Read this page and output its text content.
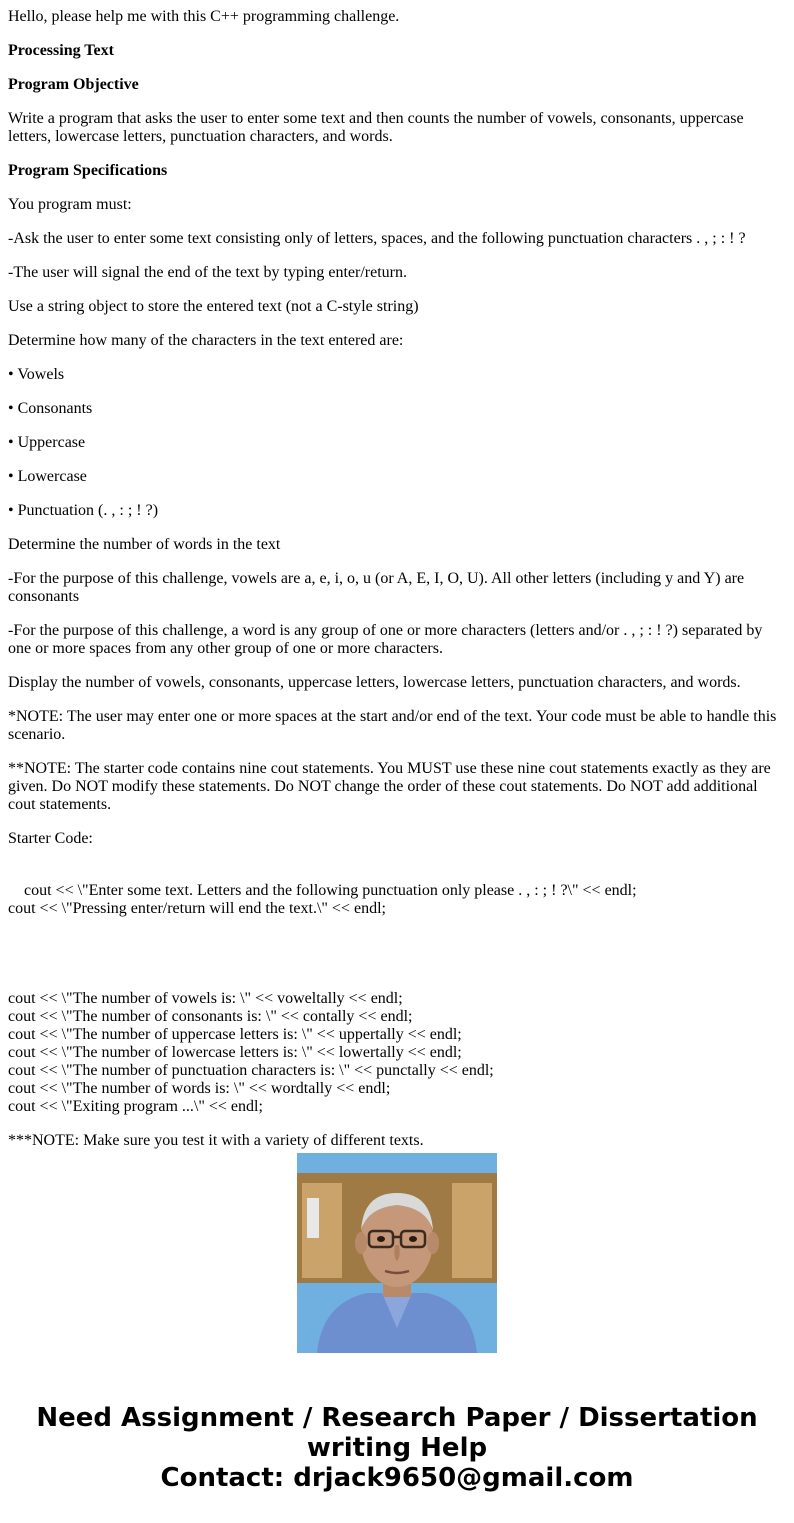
Hello, please help me with this C++ programming challenge.

Processing Text

Program Objective

Write a program that asks the user to enter some text and then counts the number of vowels, consonants, uppercase letters, lowercase letters, punctuation characters, and words.

Program Specifications

You program must:

-Ask the user to enter some text consisting only of letters, spaces, and the following punctuation characters . , ; : ! ?

-The user will signal the end of the text by typing enter/return.

Use a string object to store the entered text (not a C-style string)

Determine how many of the characters in the text entered are:

• Vowels

• Consonants

• Uppercase

• Lowercase

• Punctuation (. , : ; ! ?)

Determine the number of words in the text

-For the purpose of this challenge, vowels are a, e, i, o, u (or A, E, I, O, U). All other letters (including y and Y) are consonants

-For the purpose of this challenge, a word is any group of one or more characters (letters and/or . , ; : ! ?) separated by one or more spaces from any other group of one or more characters.

Display the number of vowels, consonants, uppercase letters, lowercase letters, punctuation characters, and words.

*NOTE: The user may enter one or more spaces at the start and/or end of the text. Your code must be able to handle this scenario.

**NOTE: The starter code contains nine cout statements. You MUST use these nine cout statements exactly as they are given. Do NOT modify these statements. Do NOT change the order of these cout statements. Do NOT add additional cout statements.

Starter Code:

cout << \"Enter some text. Letters and the following punctuation only please . , : ; ! ?\" << endl;
cout << \"Pressing enter/return will end the text.\" << endl;

cout << \"The number of vowels is: \" << voweltally << endl;
cout << \"The number of consonants is: \" << contally << endl;
cout << \"The number of uppercase letters is: \" << uppertally << endl;
cout << \"The number of lowercase letters is: \" << lowertally << endl;
cout << \"The number of punctuation characters is: \" << punctally << endl;
cout << \"The number of words is: \" << wordtally << endl;
cout << \"Exiting program ...\" << endl;

***NOTE: Make sure you test it with a variety of different texts.

Need Assignment / Research Paper / Dissertation
writing Help
Contact: drjack9650@gmail.com
